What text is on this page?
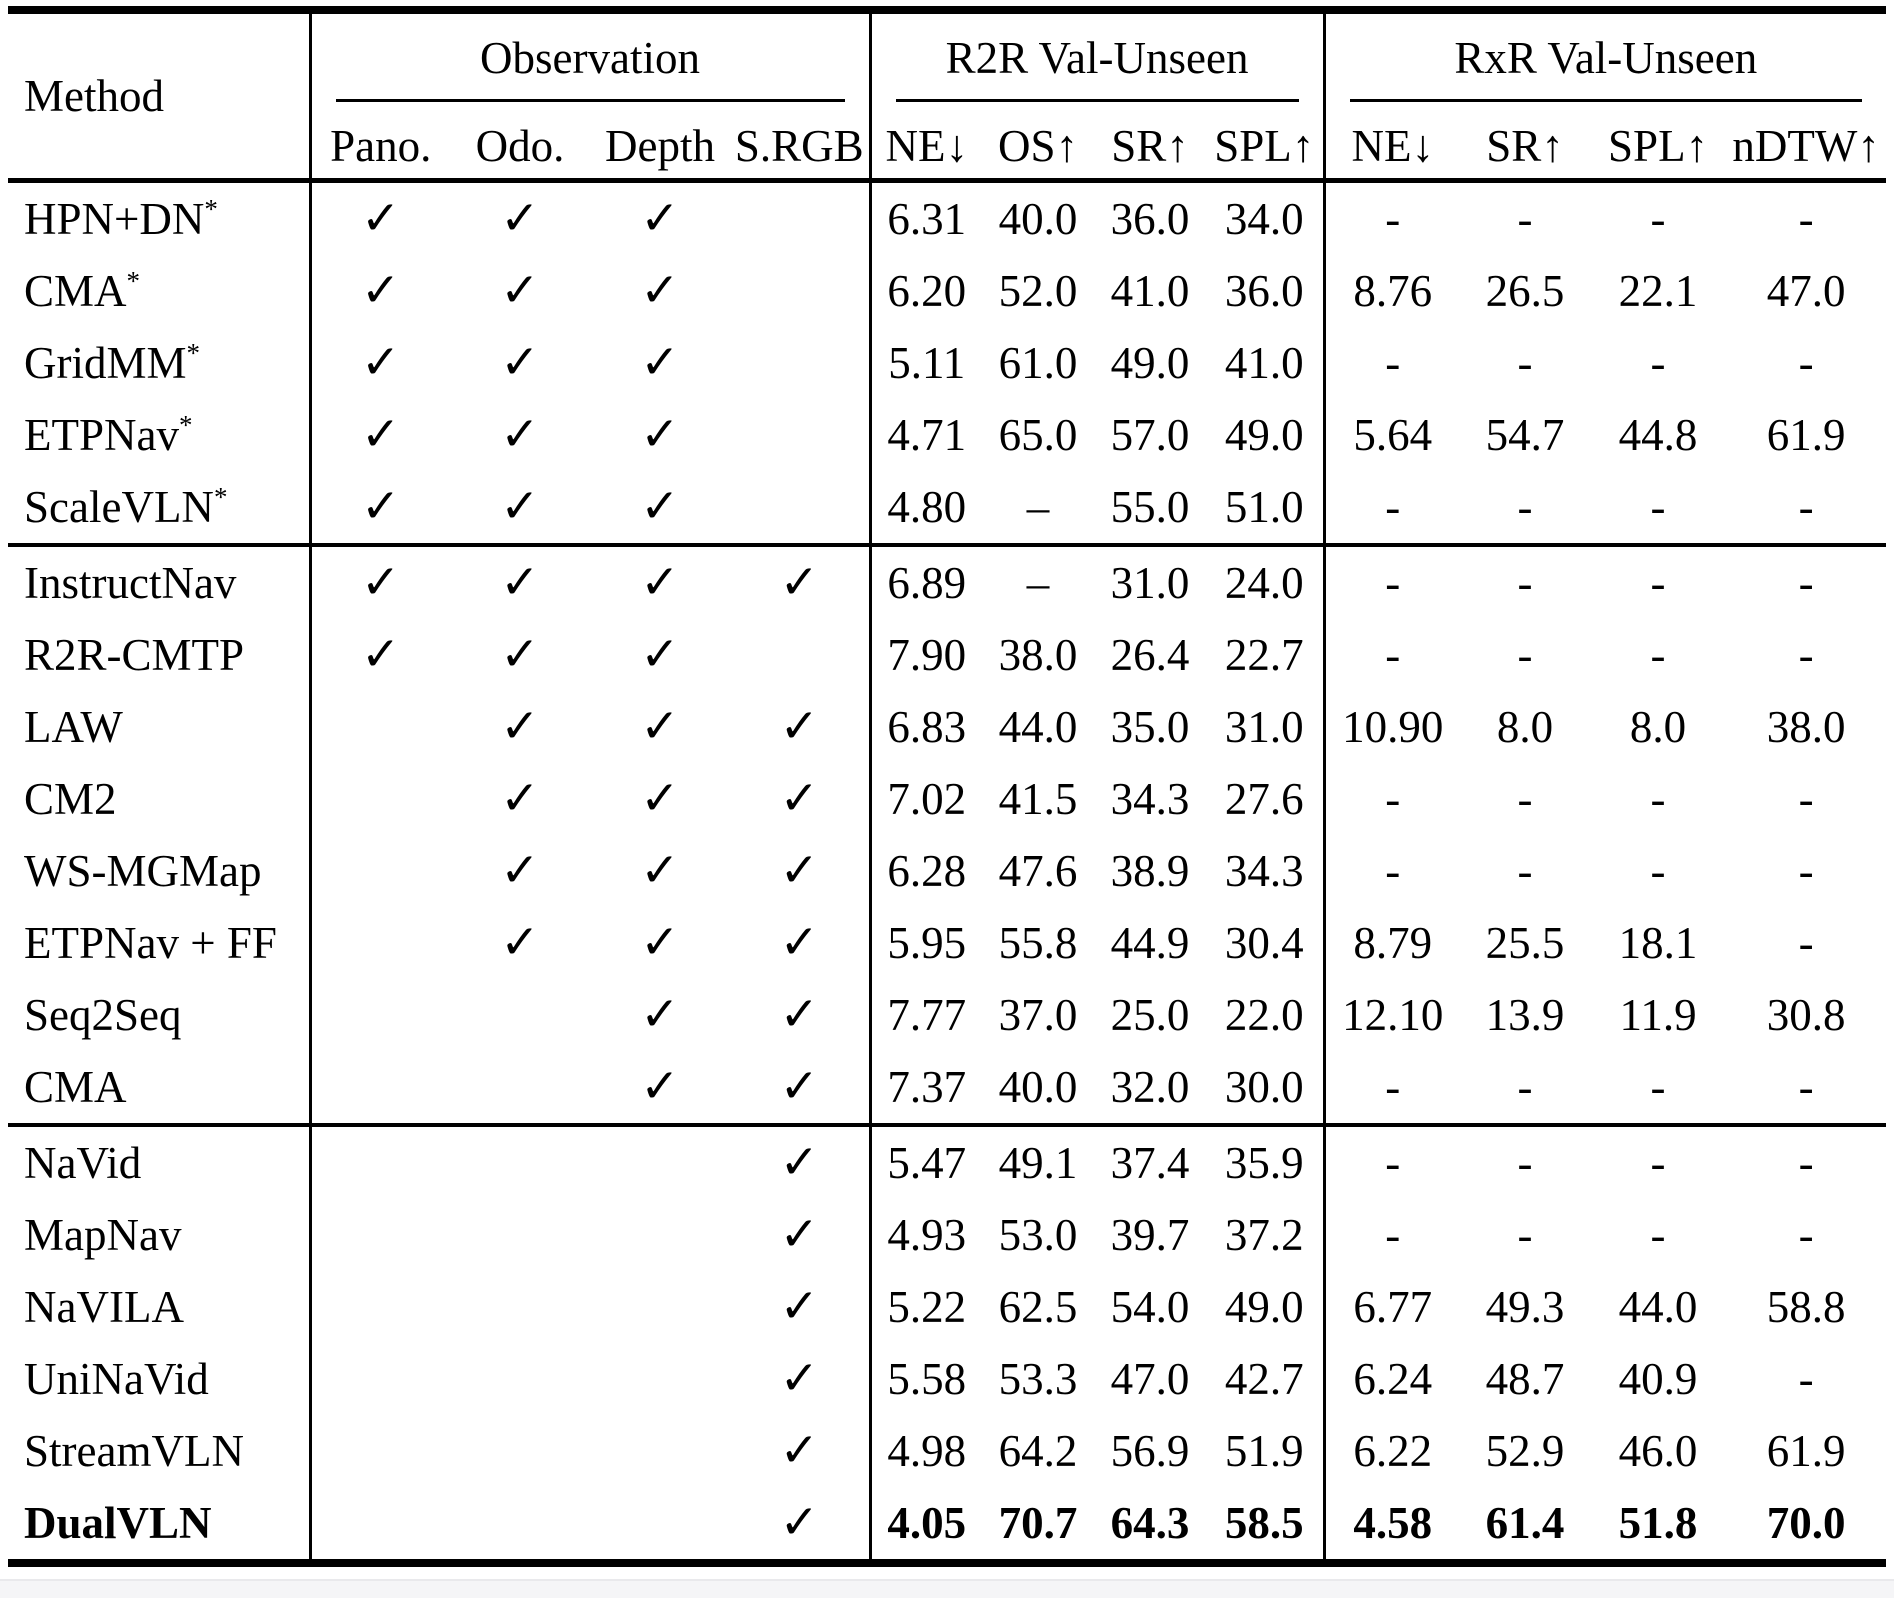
Method	Observation				R2R Val-Unseen				RxR Val-Unseen			

	Pano.	Odo.	Depth	S.RGB	NE↓	OS↑	SR↑	SPL↑	NE↓	SR↑	SPL↑	nDTW↑
HPN+DN*	✓	✓	✓		6.31	40.0	36.0	34.0	-	-	-	-
CMA*	✓	✓	✓		6.20	52.0	41.0	36.0	8.76	26.5	22.1	47.0
GridMM*	✓	✓	✓		5.11	61.0	49.0	41.0	-	-	-	-
ETPNav*	✓	✓	✓		4.71	65.0	57.0	49.0	5.64	54.7	44.8	61.9
ScaleVLN*	✓	✓	✓		4.80	–	55.0	51.0	-	-	-	-
InstructNav	✓	✓	✓	✓	6.89	–	31.0	24.0	-	-	-	-
R2R-CMTP	✓	✓	✓		7.90	38.0	26.4	22.7	-	-	-	-
LAW		✓	✓	✓	6.83	44.0	35.0	31.0	10.90	8.0	8.0	38.0
CM2		✓	✓	✓	7.02	41.5	34.3	27.6	-	-	-	-
WS-MGMap		✓	✓	✓	6.28	47.6	38.9	34.3	-	-	-	-
ETPNav + FF		✓	✓	✓	5.95	55.8	44.9	30.4	8.79	25.5	18.1	-
Seq2Seq			✓	✓	7.77	37.0	25.0	22.0	12.10	13.9	11.9	30.8
CMA			✓	✓	7.37	40.0	32.0	30.0	-	-	-	-
NaVid				✓	5.47	49.1	37.4	35.9	-	-	-	-
MapNav				✓	4.93	53.0	39.7	37.2	-	-	-	-
NaVILA				✓	5.22	62.5	54.0	49.0	6.77	49.3	44.0	58.8
UniNaVid				✓	5.58	53.3	47.0	42.7	6.24	48.7	40.9	-
StreamVLN				✓	4.98	64.2	56.9	51.9	6.22	52.9	46.0	61.9
DualVLN				✓	4.05	70.7	64.3	58.5	4.58	61.4	51.8	70.0
